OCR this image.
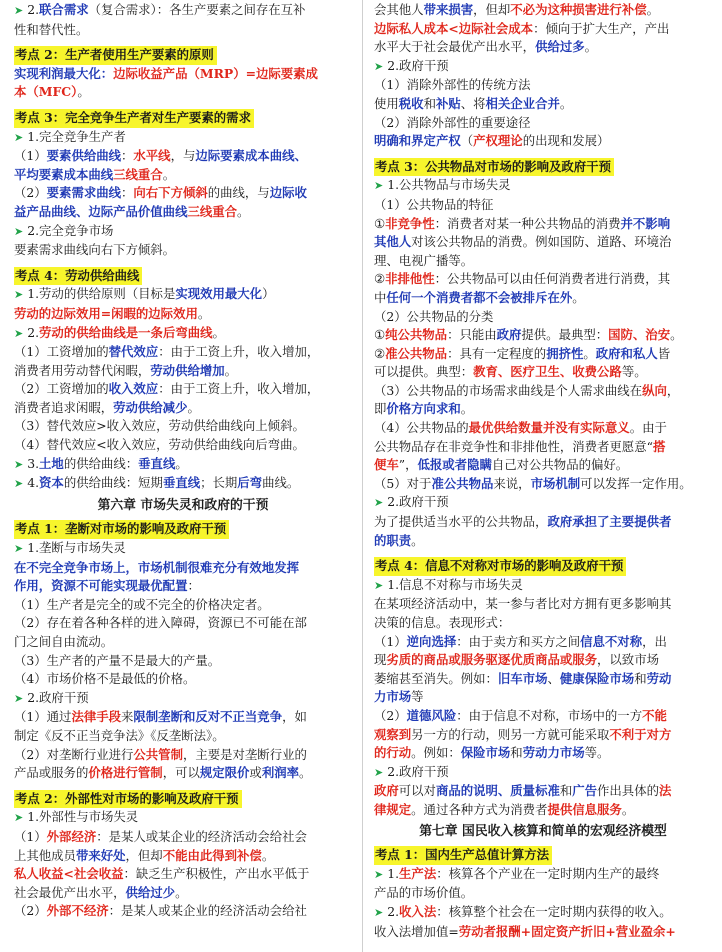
➤ 2.联合需求（复合需求）：各生产要素之间存在互补
性和替代性。
考点 2：生产者使用生产要素的原则
实现利润最大化：边际收益产品（MRP）=边际要素成
本（MFC）。
考点 3：完全竞争生产者对生产要素的需求
➤ 1.完全竞争生产者
（1）要素供给曲线：水平线，与边际要素成本曲线、
平均要素成本曲线三线重合。
（2）要素需求曲线：向右下方倾斜的曲线，与边际收
益产品曲线、边际产品价值曲线三线重合。
➤ 2.完全竞争市场
要素需求曲线向右下方倾斜。
考点 4：劳动供给曲线
➤ 1.劳动的供给原则（目标是实现效用最大化）
劳动的边际效用=闲暇的边际效用。
➤ 2.劳动的供给曲线是一条后弯曲线。
（1）工资增加的替代效应：由于工资上升，收入增加，
消费者用劳动替代闲暇，劳动供给增加。
（2）工资增加的收入效应：由于工资上升，收入增加，
消费者追求闲暇，劳动供给减少。
（3）替代效应>收入效应，劳动供给曲线向上倾斜。
（4）替代效应<收入效应，劳动供给曲线向后弯曲。
➤ 3.土地的供给曲线：垂直线。
➤ 4.资本的供给曲线：短期垂直线；长期后弯曲线。
第六章 市场失灵和政府的干预
考点 1：垄断对市场的影响及政府干预
➤ 1.垄断与市场失灵
在不完全竞争市场上，市场机制很难充分有效地发挥
作用，资源不可能实现最优配置：
（1）生产者是完全的或不完全的价格决定者。
（2）存在着各种各样的进入障碍，资源已不可能在部
门之间自由流动。
（3）生产者的产量不是最大的产量。
（4）市场价格不是最低的价格。
➤ 2.政府干预
（1）通过法律手段来限制垄断和反对不正当竞争，如
制定《反不正当竞争法》《反垄断法》。
（2）对垄断行业进行公共管制，主要是对垄断行业的
产品或服务的价格进行管制，可以规定限价或利润率。
考点 2：外部性对市场的影响及政府干预
➤ 1.外部性与市场失灵
（1）外部经济：是某人或某企业的经济活动会给社会
上其他成员带来好处，但却不能由此得到补偿。
私人收益<社会收益：缺乏生产积极性，产出水平低于
社会最优产出水平，供给过少。
（2）外部不经济：是某人或某企业的经济活动会给社
会其他人带来损害，但却不必为这种损害进行补偿。
边际私人成本<边际社会成本：倾向于扩大生产，产出
水平大于社会最优产出水平，供给过多。
➤ 2.政府干预
（1）消除外部性的传统方法
使用税收和补贴、将相关企业合并。
（2）消除外部性的重要途径
明确和界定产权（产权理论的出现和发展）
考点 3：公共物品对市场的影响及政府干预
➤ 1.公共物品与市场失灵
（1）公共物品的特征
①非竞争性：消费者对某一种公共物品的消费并不影响
其他人对该公共物品的消费。例如国防、道路、环境治
理、电视广播等。
②非排他性：公共物品可以由任何消费者进行消费，其
中任何一个消费者都不会被排斥在外。
（2）公共物品的分类
①纯公共物品：只能由政府提供。最典型：国防、治安。
②准公共物品：具有一定程度的拥挤性。政府和私人皆
可以提供。典型：教育、医疗卫生、收费公路等。
（3）公共物品的市场需求曲线是个人需求曲线在纵向，
即价格方向求和。
（4）公共物品的最优供给数量并没有实际意义。由于
公共物品存在非竞争性和非排他性，消费者更愿意“搭
便车”，低报或者隐瞒自己对公共物品的偏好。
（5）对于准公共物品来说，市场机制可以发挥一定作用。
➤ 2.政府干预
为了提供适当水平的公共物品，政府承担了主要提供者
的职责。
考点 4：信息不对称对市场的影响及政府干预
➤ 1.信息不对称与市场失灵
在某项经济活动中，某一参与者比对方拥有更多影响其
决策的信息。表现形式：
（1）逆向选择：由于卖方和买方之间信息不对称，出
现劣质的商品或服务驱逐优质商品或服务，以致市场
萎缩甚至消失。例如：旧车市场、健康保险市场和劳动
力市场等
（2）道德风险：由于信息不对称，市场中的一方不能
观察到另一方的行动，则另一方就可能采取不利于对方
的行动。例如：保险市场和劳动力市场等。
➤ 2.政府干预
政府可以对商品的说明、质量标准和广告作出具体的法
律规定。通过各种方式为消费者提供信息服务。
第七章 国民收入核算和简单的宏观经济模型
考点 1：国内生产总值计算方法
➤ 1.生产法：核算各个产业在一定时期内生产的最终
产品的市场价值。
➤ 2.收入法：核算整个社会在一定时期内获得的收入。
收入法增加值=劳动者报酬+固定资产折旧+营业盈余+
